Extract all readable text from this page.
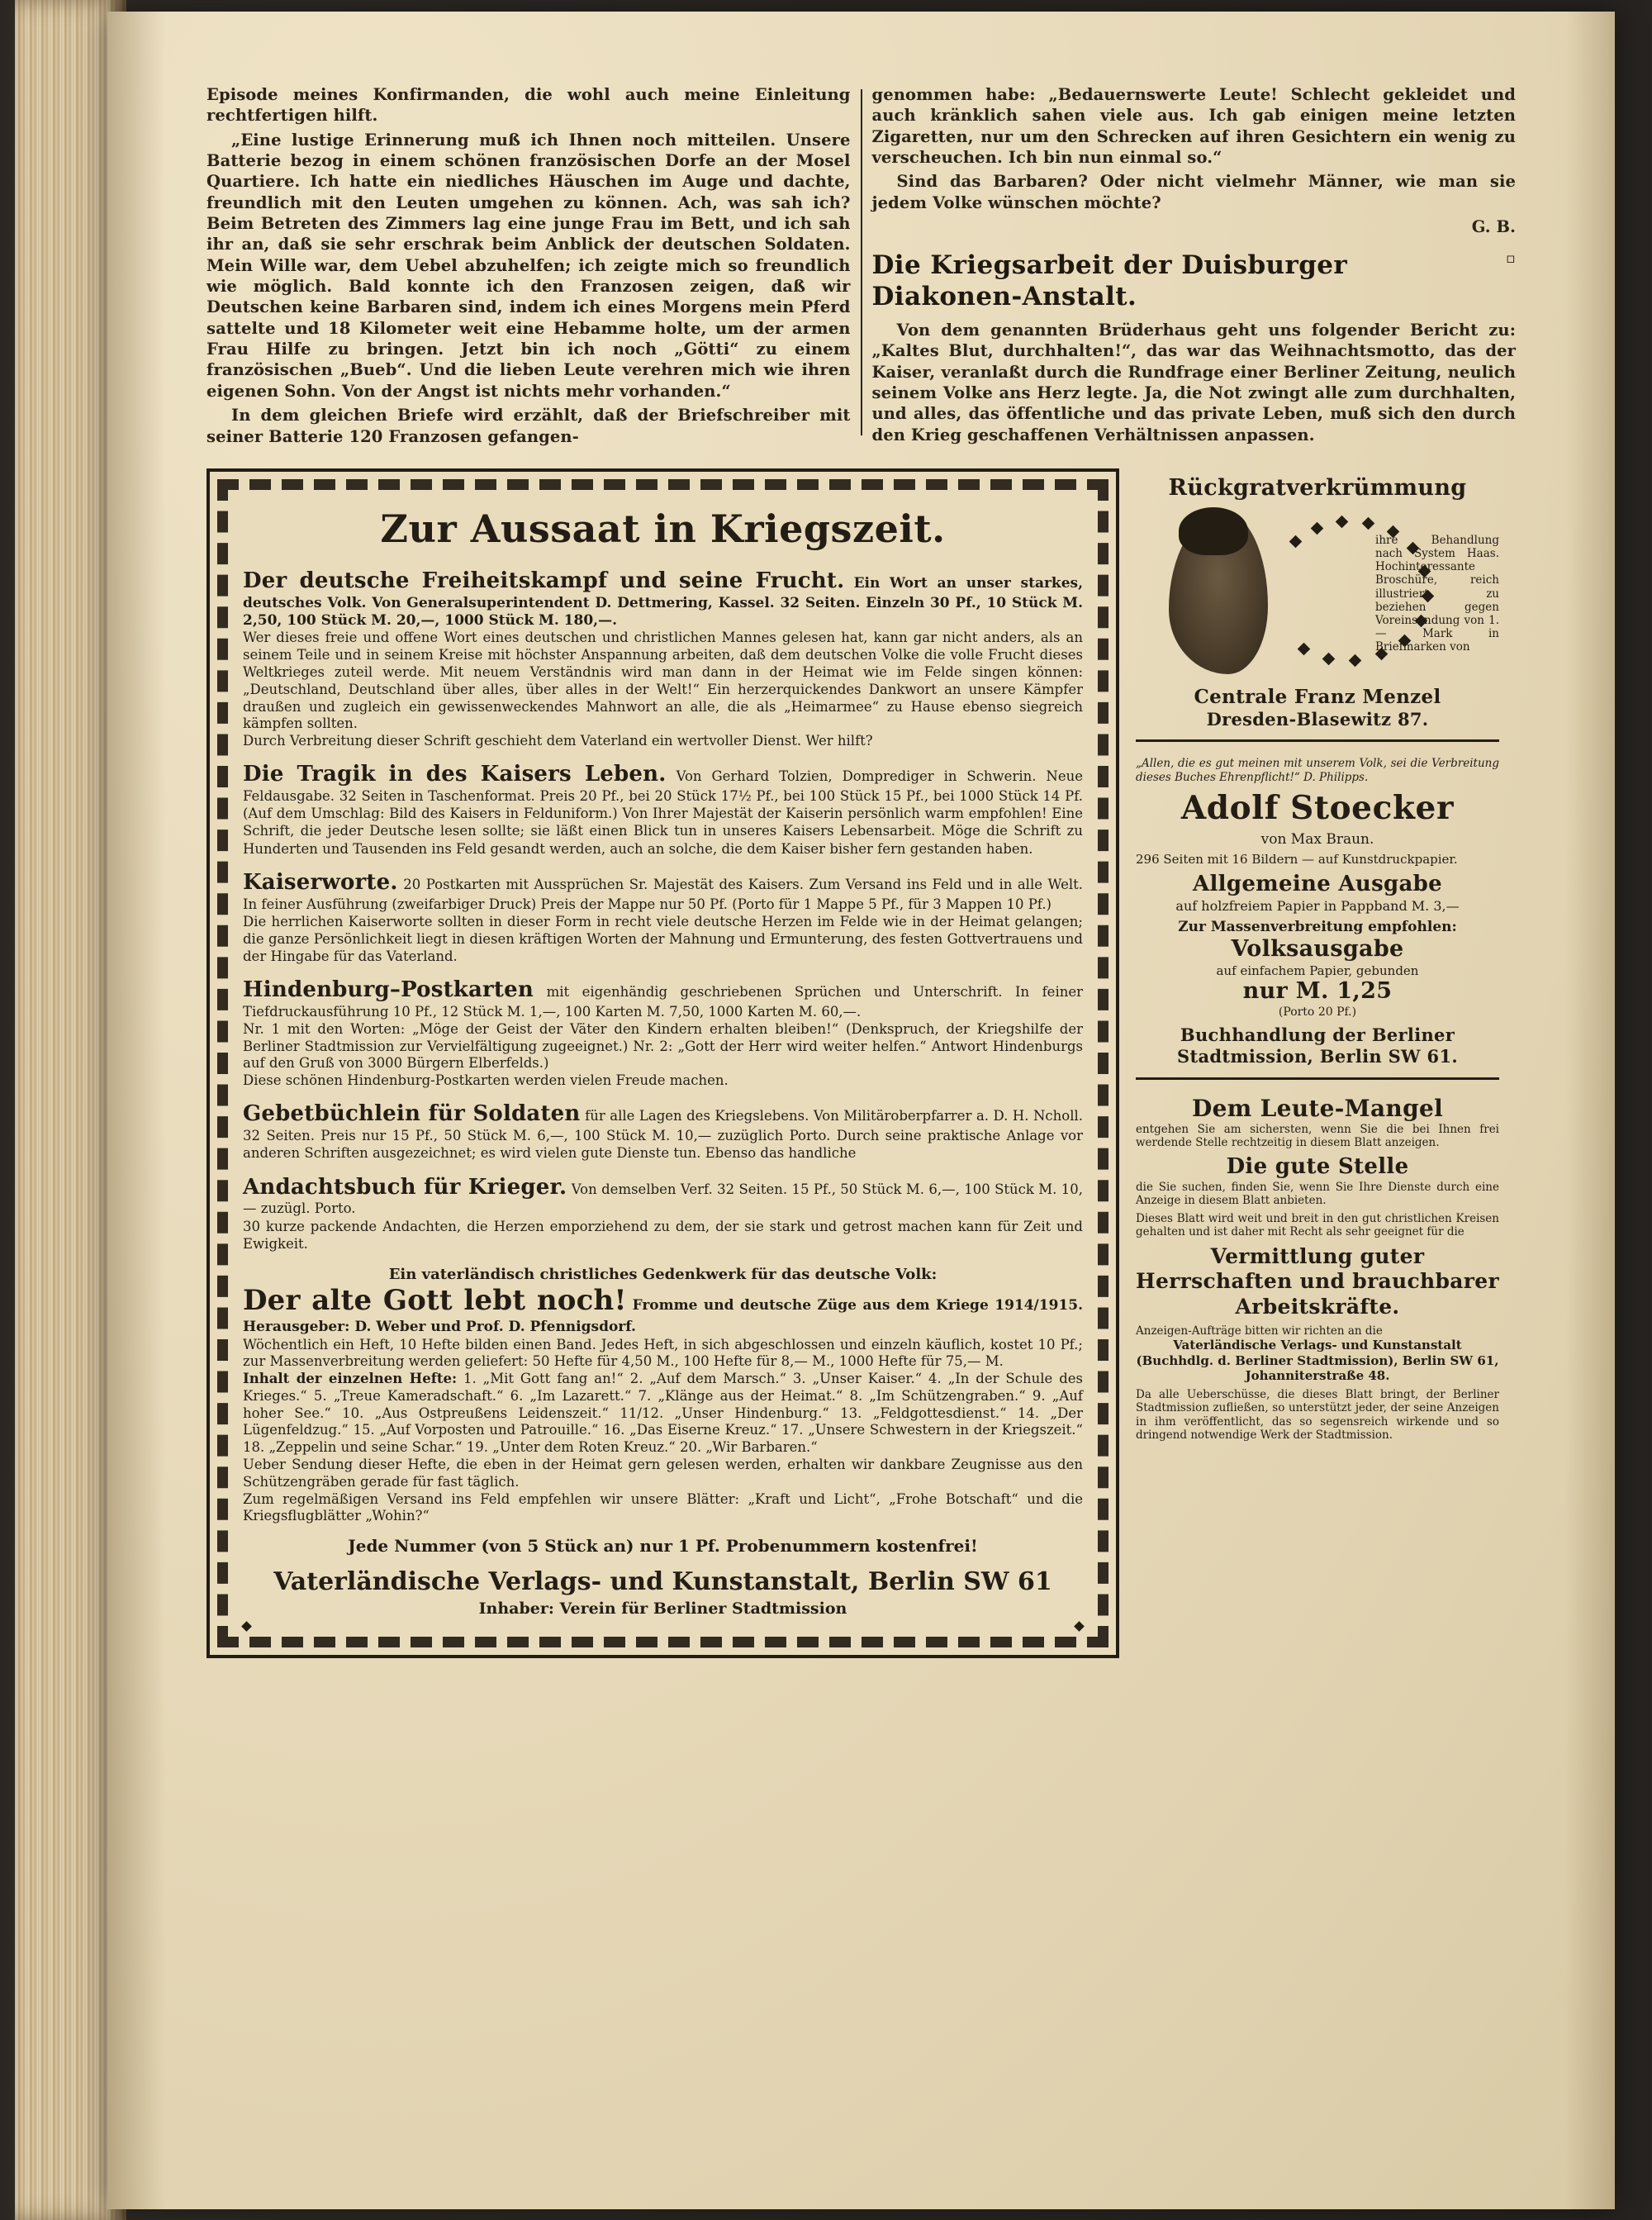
Episode meines Konfirmanden, die wohl auch meine Einleitung rechtfertigen hilft.

„Eine lustige Erinnerung muß ich Ihnen noch mitteilen. Unsere Batterie bezog in einem schönen französischen Dorfe an der Mosel Quartiere. Ich hatte ein niedliches Häuschen im Auge und dachte, freundlich mit den Leuten umgehen zu können. Ach, was sah ich? Beim Betreten des Zimmers lag eine junge Frau im Bett, und ich sah ihr an, daß sie sehr erschrak beim Anblick der deutschen Soldaten. Mein Wille war, dem Uebel abzuhelfen; ich zeigte mich so freundlich wie möglich. Bald konnte ich den Franzosen zeigen, daß wir Deutschen keine Barbaren sind, indem ich eines Morgens mein Pferd sattelte und 18 Kilometer weit eine Hebamme holte, um der armen Frau Hilfe zu bringen. Jetzt bin ich noch „Götti“ zu einem französischen „Bueb“. Und die lieben Leute verehren mich wie ihren eigenen Sohn. Von der Angst ist nichts mehr vorhanden.“

In dem gleichen Briefe wird erzählt, daß der Briefschreiber mit seiner Batterie 120 Franzosen gefangen-

genommen habe: „Bedauernswerte Leute! Schlecht gekleidet und auch kränklich sahen viele aus. Ich gab einigen meine letzten Zigaretten, nur um den Schrecken auf ihren Gesichtern ein wenig zu verscheuchen. Ich bin nun einmal so.“

Sind das Barbaren? Oder nicht vielmehr Männer, wie man sie jedem Volke wünschen möchte?

G. B.

▫
Die Kriegsarbeit der Duisburger Diakonen-Anstalt.

Von dem genannten Brüderhaus geht uns folgender Bericht zu: „Kaltes Blut, durchhalten!“, das war das Weihnachtsmotto, das der Kaiser, veranlaßt durch die Rundfrage einer Berliner Zeitung, neulich seinem Volke ans Herz legte. Ja, die Not zwingt alle zum durchhalten, und alles, das öffentliche und das private Leben, muß sich den durch den Krieg geschaffenen Verhältnissen anpassen.

Zur Aussaat in Kriegszeit.
Der deutsche Freiheitskampf und seine Frucht. Ein Wort an unser starkes, deutsches Volk. Von Generalsuperintendent D. Dettmering, Kassel. 32 Seiten. Einzeln 30 Pf., 10 Stück M. 2,50, 100 Stück M. 20,—, 1000 Stück M. 180,—.
Wer dieses freie und offene Wort eines deutschen und christlichen Mannes gelesen hat, kann gar nicht anders, als an seinem Teile und in seinem Kreise mit höchster Anspannung arbeiten, daß dem deutschen Volke die volle Frucht dieses Weltkrieges zuteil werde. Mit neuem Verständnis wird man dann in der Heimat wie im Felde singen können: „Deutschland, Deutschland über alles, über alles in der Welt!“ Ein herzerquickendes Dankwort an unsere Kämpfer draußen und zugleich ein gewissenweckendes Mahnwort an alle, die als „Heimarmee“ zu Hause ebenso siegreich kämpfen sollten.
Durch Verbreitung dieser Schrift geschieht dem Vaterland ein wertvoller Dienst. Wer hilft?
Die Tragik in des Kaisers Leben. Von Gerhard Tolzien, Domprediger in Schwerin. Neue Feldausgabe. 32 Seiten in Taschenformat. Preis 20 Pf., bei 20 Stück 17½ Pf., bei 100 Stück 15 Pf., bei 1000 Stück 14 Pf. (Auf dem Umschlag: Bild des Kaisers in Felduniform.) Von Ihrer Majestät der Kaiserin persönlich warm empfohlen! Eine Schrift, die jeder Deutsche lesen sollte; sie läßt einen Blick tun in unseres Kaisers Lebensarbeit. Möge die Schrift zu Hunderten und Tausenden ins Feld gesandt werden, auch an solche, die dem Kaiser bisher fern gestanden haben.
Kaiserworte. 20 Postkarten mit Aussprüchen Sr. Majestät des Kaisers. Zum Versand ins Feld und in alle Welt. In feiner Ausführung (zweifarbiger Druck) Preis der Mappe nur 50 Pf. (Porto für 1 Mappe 5 Pf., für 3 Mappen 10 Pf.)
Die herrlichen Kaiserworte sollten in dieser Form in recht viele deutsche Herzen im Felde wie in der Heimat gelangen; die ganze Persönlichkeit liegt in diesen kräftigen Worten der Mahnung und Ermunterung, des festen Gottvertrauens und der Hingabe für das Vaterland.
Hindenburg–Postkarten mit eigenhändig geschriebenen Sprüchen und Unterschrift. In feiner Tiefdruckausführung 10 Pf., 12 Stück M. 1,—, 100 Karten M. 7,50, 1000 Karten M. 60,—.
Nr. 1 mit den Worten: „Möge der Geist der Väter den Kindern erhalten bleiben!“ (Denkspruch, der Kriegshilfe der Berliner Stadtmission zur Vervielfältigung zugeeignet.) Nr. 2: „Gott der Herr wird weiter helfen.“ Antwort Hindenburgs auf den Gruß von 3000 Bürgern Elberfelds.)
Diese schönen Hindenburg-Postkarten werden vielen Freude machen.
Gebetbüchlein für Soldaten für alle Lagen des Kriegslebens. Von Militäroberpfarrer a. D. H. Ncholl. 32 Seiten. Preis nur 15 Pf., 50 Stück M. 6,—, 100 Stück M. 10,— zuzüglich Porto. Durch seine praktische Anlage vor anderen Schriften ausgezeichnet; es wird vielen gute Dienste tun. Ebenso das handliche
Andachtsbuch für Krieger. Von demselben Verf. 32 Seiten. 15 Pf., 50 Stück M. 6,—, 100 Stück M. 10,— zuzügl. Porto.
30 kurze packende Andachten, die Herzen emporziehend zu dem, der sie stark und getrost machen kann für Zeit und Ewigkeit.
Ein vaterländisch christliches Gedenkwerk für das deutsche Volk:
Der alte Gott lebt noch! Fromme und deutsche Züge aus dem Kriege 1914/1915. Herausgeber: D. Weber und Prof. D. Pfennigsdorf.
Wöchentlich ein Heft, 10 Hefte bilden einen Band. Jedes Heft, in sich abgeschlossen und einzeln käuflich, kostet 10 Pf.; zur Massenverbreitung werden geliefert: 50 Hefte für 4,50 M., 100 Hefte für 8,— M., 1000 Hefte für 75,— M.
Inhalt der einzelnen Hefte: 1. „Mit Gott fang an!“ 2. „Auf dem Marsch.“ 3. „Unser Kaiser.“ 4. „In der Schule des Krieges.“ 5. „Treue Kameradschaft.“ 6. „Im Lazarett.“ 7. „Klänge aus der Heimat.“ 8. „Im Schützengraben.“ 9. „Auf hoher See.“ 10. „Aus Ostpreußens Leidenszeit.“ 11/12. „Unser Hindenburg.“ 13. „Feldgottesdienst.“ 14. „Der Lügenfeldzug.“ 15. „Auf Vorposten und Patrouille.“ 16. „Das Eiserne Kreuz.“ 17. „Unsere Schwestern in der Kriegszeit.“ 18. „Zeppelin und seine Schar.“ 19. „Unter dem Roten Kreuz.“ 20. „Wir Barbaren.“
Ueber Sendung dieser Hefte, die eben in der Heimat gern gelesen werden, erhalten wir dankbare Zeugnisse aus den Schützengräben gerade für fast täglich.
Zum regelmäßigen Versand ins Feld empfehlen wir unsere Blätter: „Kraft und Licht“, „Frohe Botschaft“ und die Kriegsflugblätter „Wohin?“
Jede Nummer (von 5 Stück an) nur 1 Pf. Probenummern kostenfrei!
Vaterländische Verlags- und Kunstanstalt, Berlin SW 61
Inhaber: Verein für Berliner Stadtmission
Rückgratverkrümmung
ihre Behandlung nach System Haas. Hochinteressante Broschüre, reich illustriert, zu beziehen gegen Voreinsendung von 1.— Mark in Briefmarken von
Centrale Franz Menzel
Dresden-Blasewitz 87.
„Allen, die es gut meinen mit unserem Volk, sei die Verbreitung dieses Buches Ehrenpflicht!“ D. Philipps.
Adolf Stoecker
von Max Braun.
296 Seiten mit 16 Bildern — auf Kunstdruckpapier.
Allgemeine Ausgabe
auf holzfreiem Papier in Pappband M. 3,—
Zur Massenverbreitung empfohlen:
Volksausgabe
auf einfachem Papier, gebunden
nur M. 1,25
(Porto 20 Pf.)
Buchhandlung der Berliner Stadtmission, Berlin SW 61.
Dem Leute-Mangel
entgehen Sie am sichersten, wenn Sie die bei Ihnen frei werdende Stelle rechtzeitig in diesem Blatt anzeigen.
Die gute Stelle
die Sie suchen, finden Sie, wenn Sie Ihre Dienste durch eine Anzeige in diesem Blatt anbieten.
Dieses Blatt wird weit und breit in den gut christlichen Kreisen gehalten und ist daher mit Recht als sehr geeignet für die
Vermittlung guter Herrschaften und brauchbarer Arbeitskräfte.
Anzeigen-Aufträge bitten wir richten an die
Vaterländische Verlags- und Kunstanstalt (Buchhdlg. d. Berliner Stadtmission), Berlin SW 61, Johanniterstraße 48.
Da alle Ueberschüsse, die dieses Blatt bringt, der Berliner Stadtmission zufließen, so unterstützt jeder, der seine Anzeigen in ihm veröffentlicht, das so segensreich wirkende und so dringend notwendige Werk der Stadtmission.
